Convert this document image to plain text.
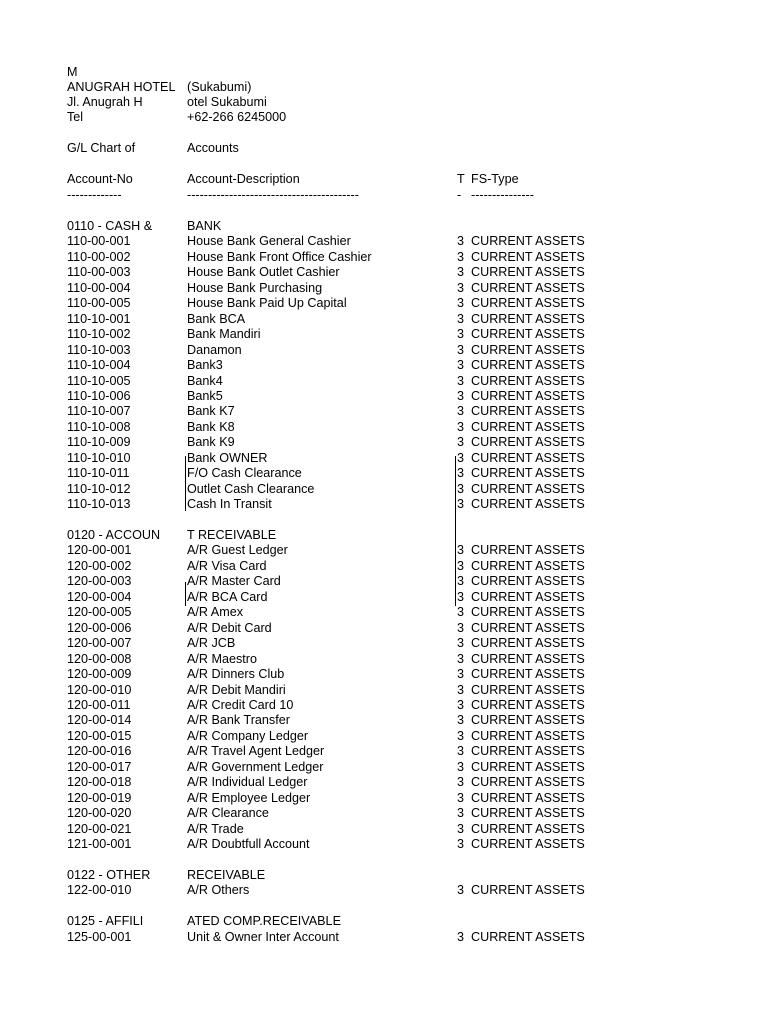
M
ANUGRAH HOTEL (Sukabumi)
Jl. Anugrah H	otel Sukabumi
Tel	+62-266 6245000
G/L Chart of	Accounts
Account-No	Account-Description	T FS-Type
-------------	-----------------------------------------	- ---------------
0110 - CASH &	BANK
110-00-001	House Bank General Cashier	3 CURRENT ASSETS
110-00-002	House Bank Front Office Cashier	3 CURRENT ASSETS
110-00-003	House Bank Outlet Cashier	3 CURRENT ASSETS
110-00-004	House Bank Purchasing	3 CURRENT ASSETS
110-00-005	House Bank Paid Up Capital	3 CURRENT ASSETS
110-10-001	Bank BCA	3 CURRENT ASSETS
110-10-002	Bank Mandiri	3 CURRENT ASSETS
110-10-003	Danamon	3 CURRENT ASSETS
110-10-004	Bank3	3 CURRENT ASSETS
110-10-005	Bank4	3 CURRENT ASSETS
110-10-006	Bank5	3 CURRENT ASSETS
110-10-007	Bank K7	3 CURRENT ASSETS
110-10-008	Bank K8	3 CURRENT ASSETS
110-10-009	Bank K9	3 CURRENT ASSETS
110-10-010	Bank OWNER	3 CURRENT ASSETS
110-10-011	F/O Cash Clearance	3 CURRENT ASSETS
110-10-012	Outlet Cash Clearance	3 CURRENT ASSETS
110-10-013	Cash In Transit	3 CURRENT ASSETS
0120 - ACCOUN T RECEIVABLE
120-00-001	A/R Guest Ledger	3 CURRENT ASSETS
120-00-002	A/R Visa Card	3 CURRENT ASSETS
120-00-003	A/R Master Card	3 CURRENT ASSETS
120-00-004	A/R BCA Card	3 CURRENT ASSETS
120-00-005	A/R Amex	3 CURRENT ASSETS
120-00-006	A/R Debit Card	3 CURRENT ASSETS
120-00-007	A/R JCB	3 CURRENT ASSETS
120-00-008	A/R Maestro	3 CURRENT ASSETS
120-00-009	A/R Dinners Club	3 CURRENT ASSETS
120-00-010	A/R Debit Mandiri	3 CURRENT ASSETS
120-00-011	A/R Credit Card 10	3 CURRENT ASSETS
120-00-014	A/R Bank Transfer	3 CURRENT ASSETS
120-00-015	A/R Company Ledger	3 CURRENT ASSETS
120-00-016	A/R Travel Agent Ledger	3 CURRENT ASSETS
120-00-017	A/R Government Ledger	3 CURRENT ASSETS
120-00-018	A/R Individual Ledger	3 CURRENT ASSETS
120-00-019	A/R Employee Ledger	3 CURRENT ASSETS
120-00-020	A/R Clearance	3 CURRENT ASSETS
120-00-021	A/R Trade	3 CURRENT ASSETS
121-00-001	A/R Doubtfull Account	3 CURRENT ASSETS
0122 - OTHER	RECEIVABLE
122-00-010	A/R Others	3 CURRENT ASSETS
0125 - AFFILI	ATED COMP.RECEIVABLE
125-00-001	Unit & Owner Inter Account	3 CURRENT ASSETS
